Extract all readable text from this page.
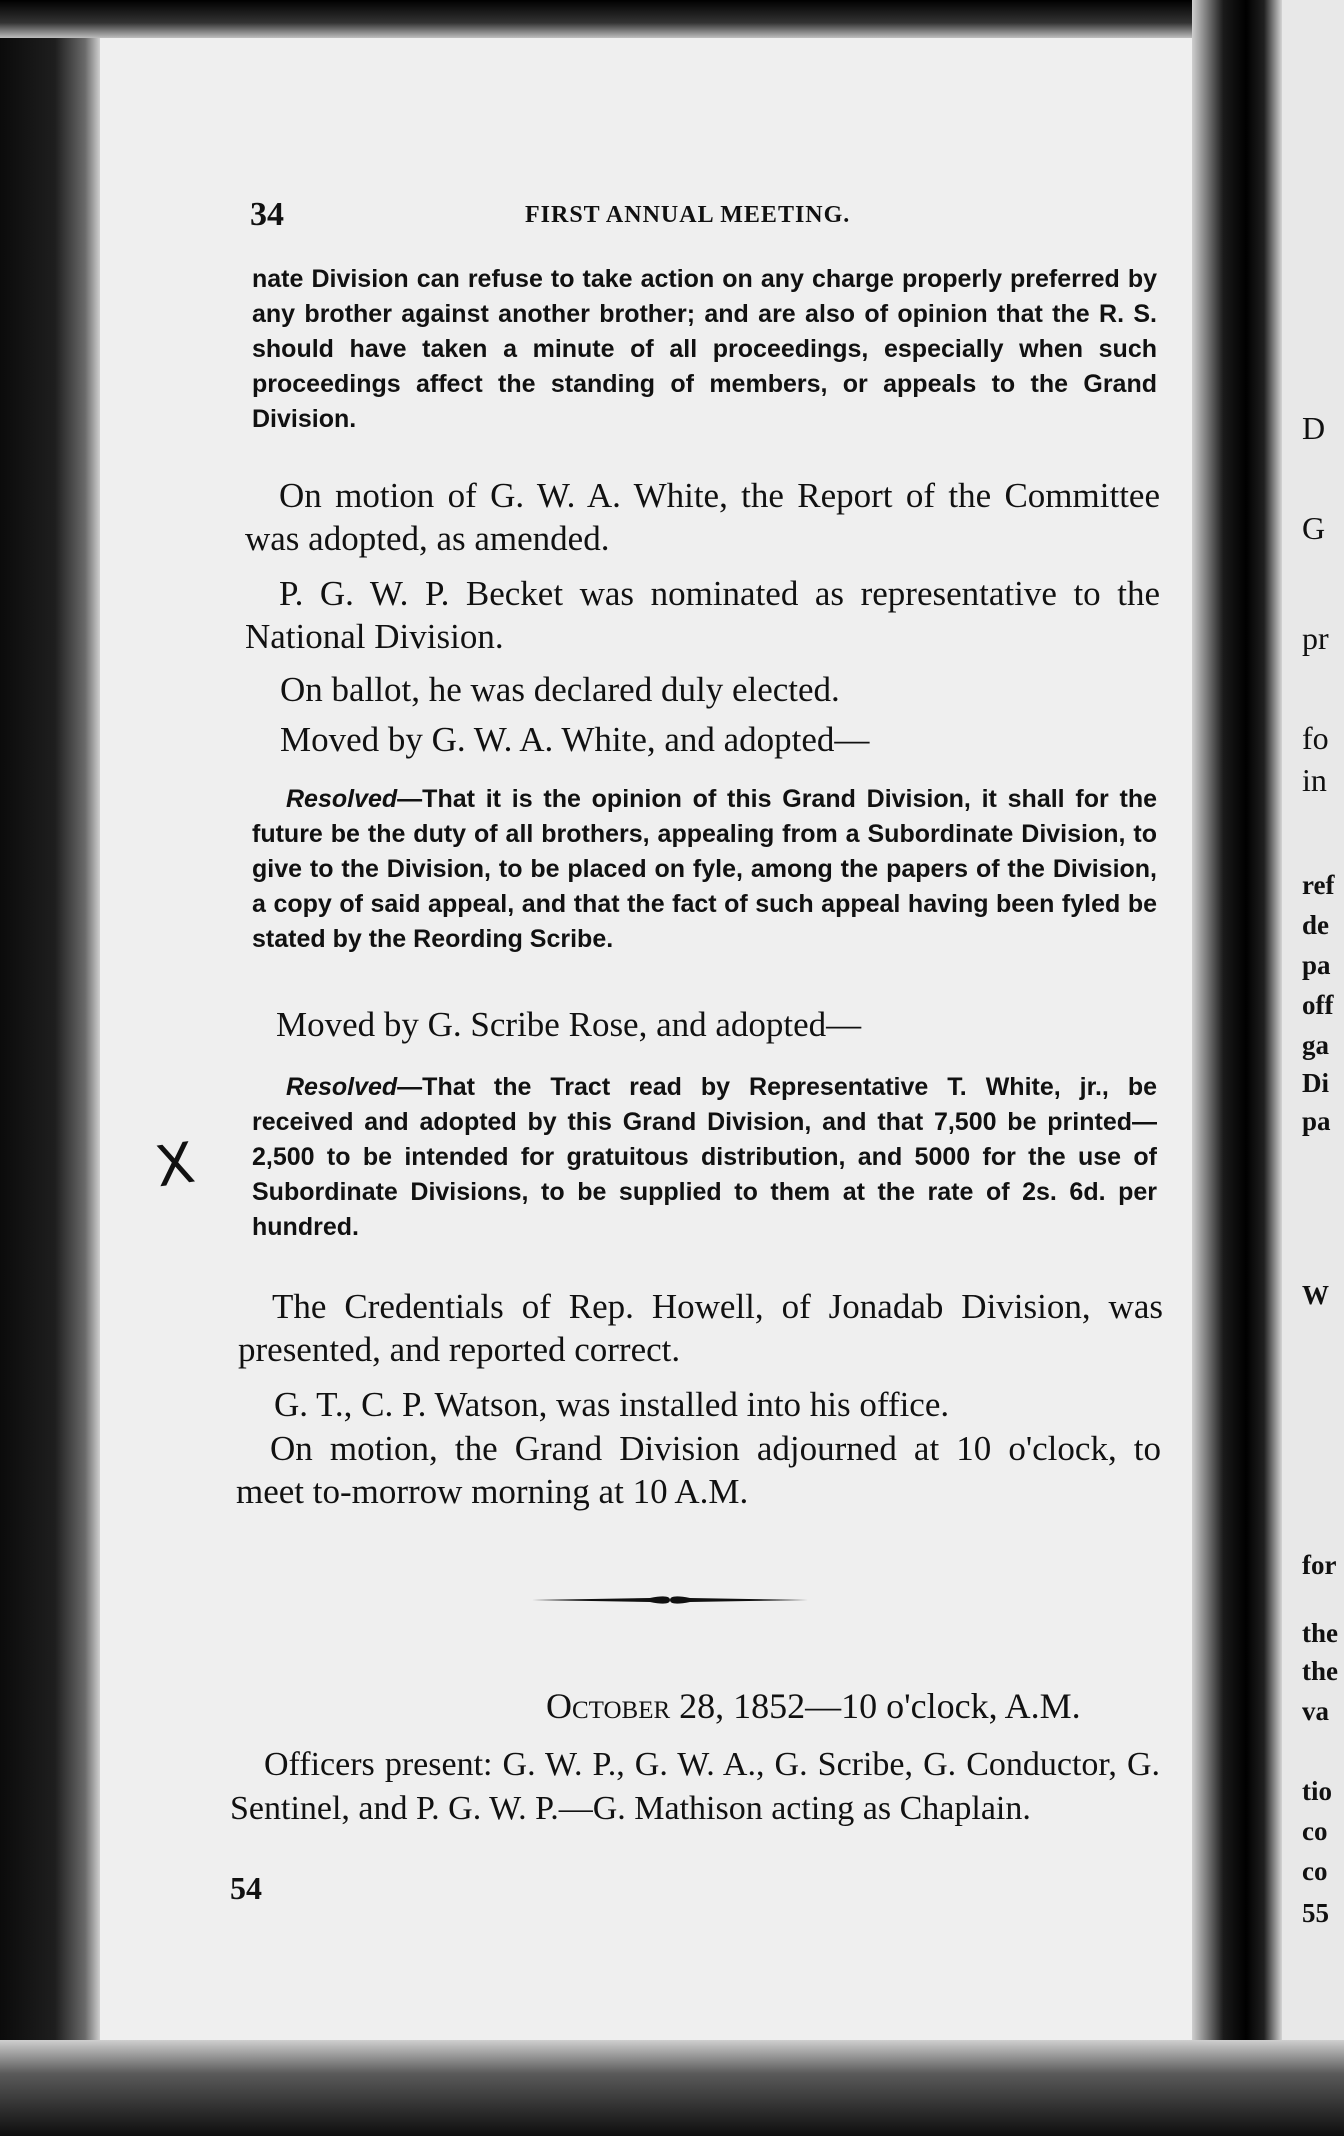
34	FIRST ANNUAL MEETING.

nate Division can refuse to take action on any charge properly preferred by any brother against another brother; and are also of opinion that the R. S. should have taken a minute of all proceedings, especially when such proceedings affect the standing of members, or appeals to the Grand Division.

On motion of G. W. A. White, the Report of the Committee was adopted, as amended.

P. G. W. P. Becket was nominated as representative to the National Division.

On ballot, he was declared duly elected.

Moved by G. W. A. White, and adopted—

Resolved—That it is the opinion of this Grand Division, it shall for the future be the duty of all brothers, appealing from a Subordinate Division, to give to the Division, to be placed on fyle, among the papers of the Division, a copy of said appeal, and that the fact of such appeal having been fyled be stated by the Reording Scribe.

Moved by G. Scribe Rose, and adopted—

Resolved—That the Tract read by Representative T. White, jr., be received and adopted by this Grand Division, and that 7,500 be printed—2,500 to be intended for gratuitous distribution, and 5000 for the use of Subordinate Divisions, to be supplied to them at the rate of 2s. 6d. per hundred.

X

The Credentials of Rep. Howell, of Jonadab Division, was presented, and reported correct.

G. T., C. P. Watson, was installed into his office.

On motion, the Grand Division adjourned at 10 o'clock, to meet to-morrow morning at 10 A.M.

October 28, 1852—10 o'clock, A.M.

Officers present: G. W. P., G. W. A., G. Scribe, G. Conductor, G. Sentinel, and P. G. W. P.—G. Mathison acting as Chaplain.

54
D
G
pr
fo
in
ref
de
pa
off
ga
Di
pa
W
for
the
the
va
tio
co
co
55
